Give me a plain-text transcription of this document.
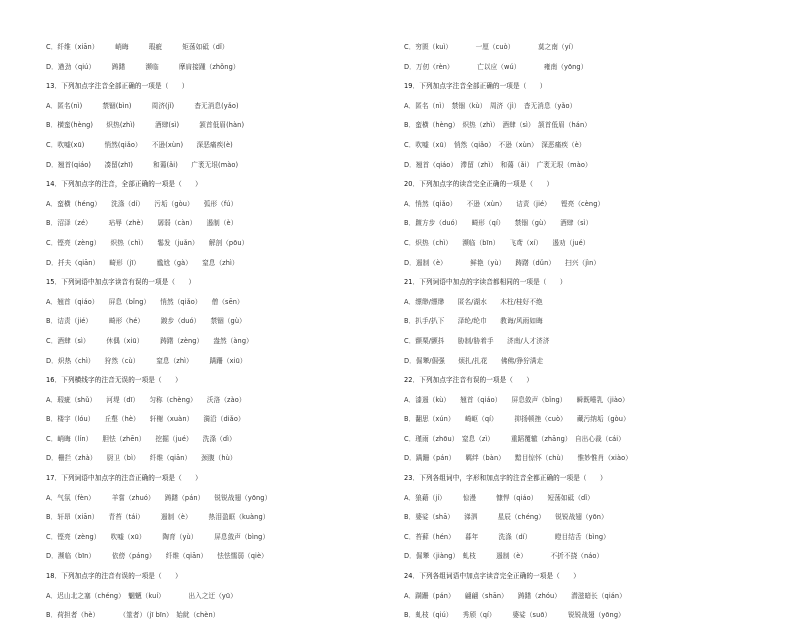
C．纤维（xiān）　　　峭晦　　　瑕疵　　　矩荡如砥（dǐ）
D．遒劲（qiú）　　　踌躇　　　濒临　　　摩肩接踵（zhǒng）
13．下列加点字注音全部正确的一项是（　　）
A．匿名(nì)　　　禁锢(bìn)　　　周济(jǐ)　　　杳无消息(yǎo)
B．横蛮(hèng)　　炽热(zhì)　　　酒肆(sì)　　　颔首低眉(hàn)
C．吹嘘(xū)　　　悄然(qiǎo）　　不逊(xùn)　　深恶痛疾(è)
D．翘首(qiáo)　　凑留(zhī)　　　和蔼(ǎi)　　广袤无垠(mào)
14．下列加点字的注音，全部正确的一项是（　　）
A．蛮横（héng）　　洗涤（dí）　　污垢（gòu）　　弧形（fú）
B．沼泽（zé）　　　玷辱（zhè）　　孱弱（càn）　　遏制（è）
C．铿亮（zèng）　　炽热（chì）　　鬈发（juǎn）　　解剖（pōu）
D．扦夫（qiān）　　畸形（jī）　　　尴尬（gà）　　窒息（zhì）
15．下列词语中加点字读音有误的一项是（　　）
A．翘首（qiáo）　　屏息（bǐng）　　悄然（qiǎo）　　僧（sēn）
B．诘责（jié）　　　畸形（hé）　　　踱步（duó）　　禁锢（gù）
C．酒肆（sì）　　　休偶（xiū）　　　踌躇（zèng）　　盎然（àng）
D．炽热（chì）　　狩然（cù）　　　窒息（zhì）　　　蹒跚（xiū）
16．下列横线字的注音无误的一项是（　　）
A．瑕疵（shǔ）　　河堤（dī）　　匀称（chèng）　　沃洛（zào）
B．楼宇（lóu）　　丘壑（hè）　　轩榭（xuàn）　　漪沿（diǎo）
C．峭晦（lín）　　胆怯（zhēn）　　挖掘（jué）　　洗涤（dì）
D．栅拦（zhà）　　厨卫（bì）　　纤维（qiān）　　颈腹（hù）
17．下列词语中加点字的注音正确的一项是（　　）
A．气氛（fèn）　　　羊嘗（zhuó）　　踌躇（pán）　　锐锐战翅（yōng）
B．轩昂（xiān）　　青苔（tái）　　　遏制（è）　　　热泪盈眶（kuàng）
C．铿亮（zèng）　　吹嘘（xū）　　　陶育（yù）　　　屏息敛声（bìng）
D．濒临（bīn）　　　依傍（páng）　　纤维（qiān）　　怯怯懦弱（qiè）
18．下列加点字的注音有误的一项是（　　）
A．迟山北之塞（chéng）　魍魉（kuí）　　　　出入之迂（yū）
B．荷担者（hè）　　　　（筮者）（jī bīn）　始龀（chèn）
C．穷匮（kuì）　　　　一厘（cuò）　　　　莫之南（yí）
D．万仞（rèn）　　　　亡以应（wú）　　　　雍南（yōng）
19．下列加点字注音全部正确的一项是（　　）
A．匿名（nì）　禁锢（kù）　周济（jì）　杳无消息（yǎo）
B．蛮横（hèng）　炽热（zhì）　酒肆（sì）　颔首低眉（hán）
C．吹嘘（xū）　悄然（qiǎo）　不逊（xùn）　深恶痛疾（è）
D．翘首（qiáo）　滞留（zhì）　和蔼（ǎi）　广袤无垠（mào）
20．下列加点字的读音完全正确的一项是（　　）
A．悄然（qiǎo）　　不逊（xùn）　　诘责（jié）　　铿亮（cèng）
B．踱方步（duó）　　畸形（qí）　　禁锢（gù）　　酒肆（sì）
C．炽热（chì）　　濒临（bīn）　　飞鸢（xí）　　遏劝（jué）
D．遏制（è）　　　　鲜艳（yù）　　踌躇（dǔn）　　扫兴（jìn）
21．下列词语中加点的字读音都相同的一项是（　　）
A．缥缈/缥缈　　匿名/湖水　　木柱/桂好不绝
B．扒手/扒下　　泽纶/纶巾　　教诲/风雨如晦
C．颤栗/颤抖　　胁制/胁着手　　济南/人才济济
D．倔犟/倔强　　烦扎/扎花　　佛佛/狰狞满走
22．下列加点字注音有误的一项是（　　）
A．漆遏（kù）　　翘首（qiáo）　　屏息敛声（bǐng）　　瞬既唾乳（jiào）
B．翻思（xún）　　崎岖（qí）　　　抑扬顿挫（cuò）　　藏污纳垢（gòu）
C．瑾雨（zhōu）　窒息（zì）　　　重蹈覆辙（zhāng）　自出心裁（cái）
D．蹒跚（pán）　　羁绊（bàn）　　黯目惊怀（chù）　　惟妙惟肖（xiào）
23．下列各组词中，字形和加点字的注音全都正确的一项是（　　）
A．狼藉（jí）　　　惊漫　　　慷悍（qiáo）　　短荡如砥（dǐ）
B．婆娑（shā）　　涕泗　　　星辰（chéng）　　锐锐战翅（yōn）
C．苔藓（hén）　　暮年　　　洗涤（dí）　　　　瞪目结舌（bìng）
D．倔犟（jiàng）　虬枝　　　遏制（è）　　　　不折不挠（náo）
24．下列各组词语中加点字读音完全正确的一项是（　　）
A．蹒跚（pán）　　翩翩（shān）　　踌躇（zhóu）　　潜滋暗长（qián）
B．虬枝（qiú）　　秀颀（qí）　　　婆娑（suō）　　　锐锐战翅（yōng）
